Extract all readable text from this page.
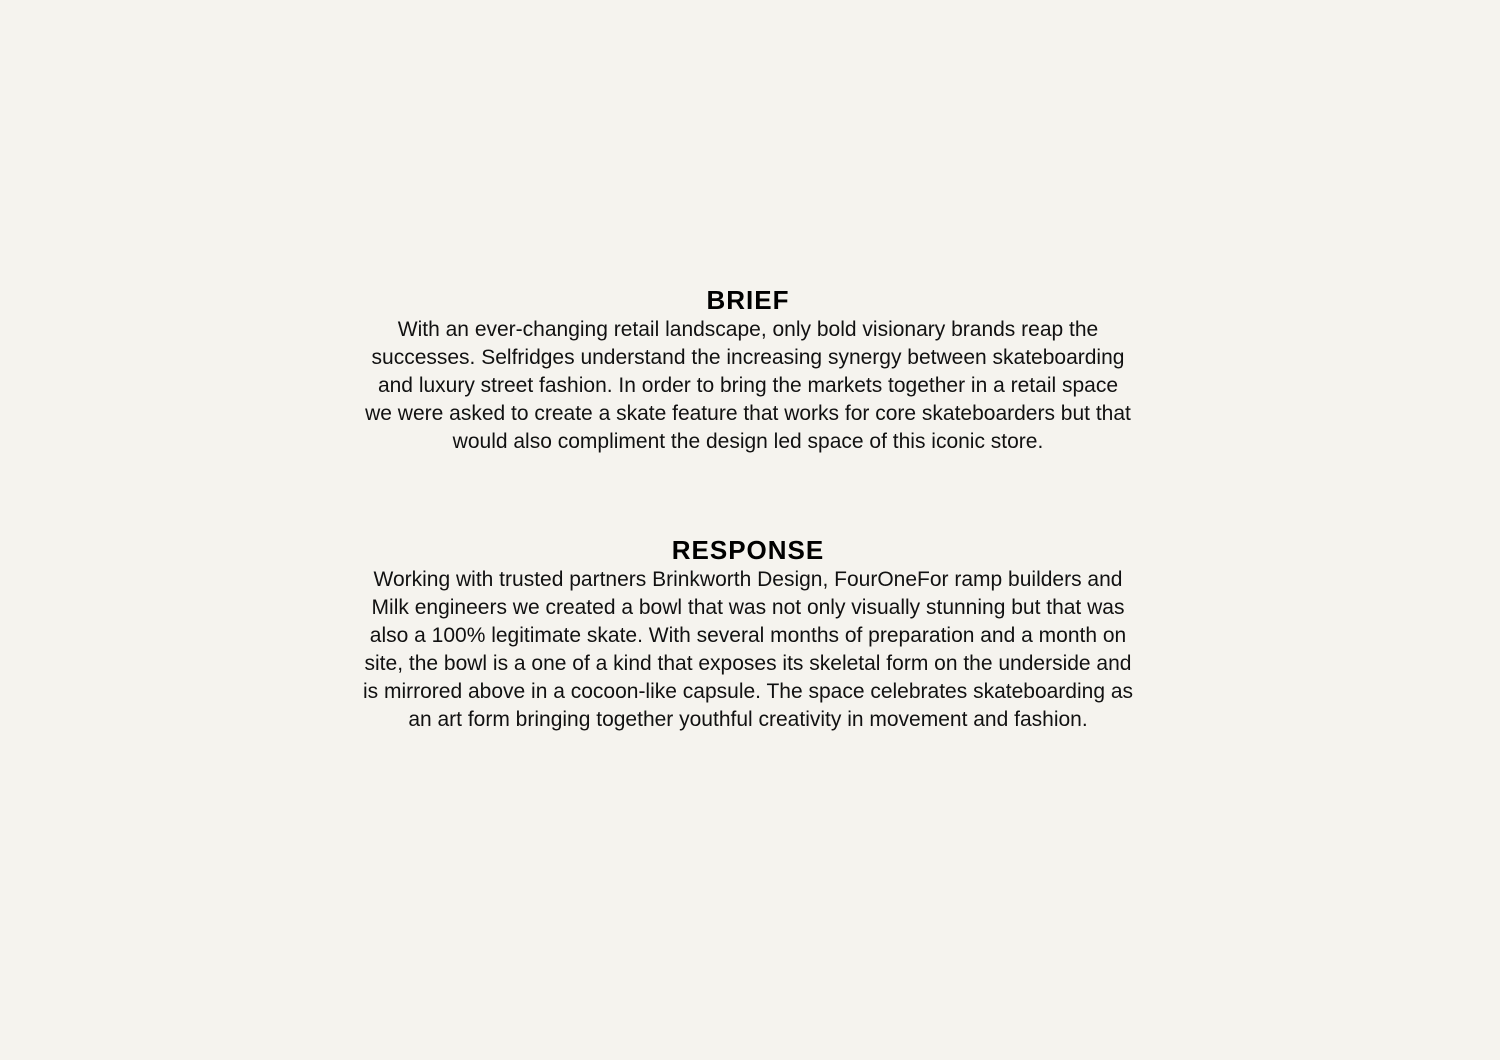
BRIEF

With an ever-changing retail landscape, only bold visionary brands reap the
successes. Selfridges understand the increasing synergy between skateboarding
and luxury street fashion. In order to bring the markets together in a retail space
we were asked to create a skate feature that works for core skateboarders but that
would also compliment the design led space of this iconic store.

RESPONSE

Working with trusted partners Brinkworth Design, FourOneFor ramp builders and
Milk engineers we created a bowl that was not only visually stunning but that was
also a 100% legitimate skate. With several months of preparation and a month on
site, the bowl is a one of a kind that exposes its skeletal form on the underside and
is mirrored above in a cocoon-like capsule. The space celebrates skateboarding as
an art form bringing together youthful creativity in movement and fashion.
